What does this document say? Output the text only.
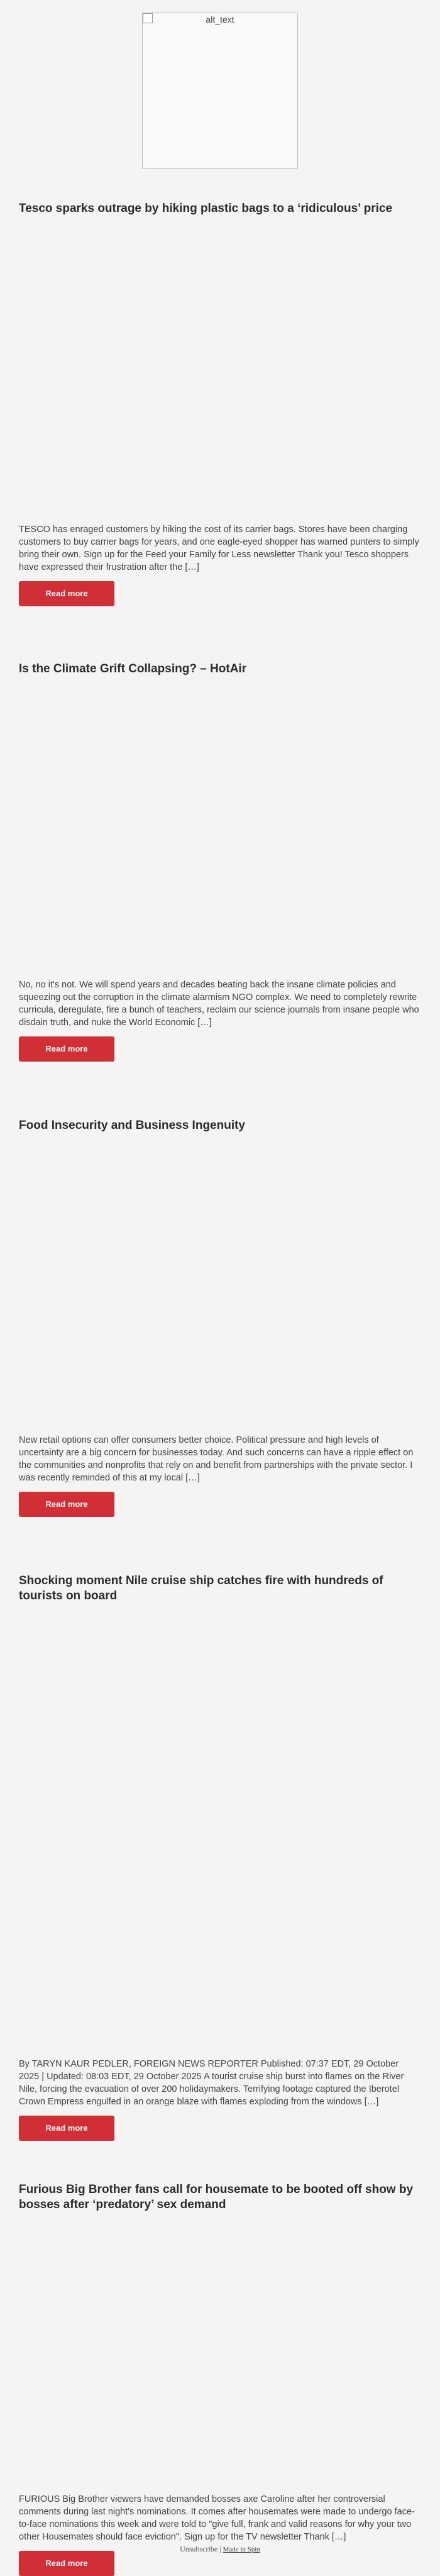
alt_text
Tesco sparks outrage by hiking plastic bags to a ‘ridiculous’ price

TESCO has enraged customers by hiking the cost of its carrier bags. Stores have been charging customers to buy carrier bags for years, and one eagle-eyed shopper has warned punters to simply bring their own. Sign up for the Feed your Family for Less newsletter Thank you! Tesco shoppers have expressed their frustration after the […]

Read more
Is the Climate Grift Collapsing? – HotAir

No, no it's not. We will spend years and decades beating back the insane climate policies and squeezing out the corruption in the climate alarmism NGO complex. We need to completely rewrite curricula, deregulate, fire a bunch of teachers, reclaim our science journals from insane people who disdain truth, and nuke the World Economic […]

Read more
Food Insecurity and Business Ingenuity

New retail options can offer consumers better choice. Political pressure and high levels of uncertainty are a big concern for businesses today. And such concerns can have a ripple effect on the communities and nonprofits that rely on and benefit from partnerships with the private sector. I was recently reminded of this at my local […]

Read more
Shocking moment Nile cruise ship catches fire with hundreds of tourists on board

By TARYN KAUR PEDLER, FOREIGN NEWS REPORTER Published: 07:37 EDT, 29 October 2025 | Updated: 08:03 EDT, 29 October 2025 A tourist cruise ship burst into flames on the River Nile, forcing the evacuation of over 200 holidaymakers. Terrifying footage captured the Iberotel Crown Empress engulfed in an orange blaze with flames exploding from the windows […]

Read more
Furious Big Brother fans call for housemate to be booted off show by bosses after ‘predatory’ sex demand

FURIOUS Big Brother viewers have demanded bosses axe Caroline after her controversial comments during last night's nominations. It comes after housemates were made to undergo face-to-face nominations this week and were told to "give full, frank and valid reasons for why your two other Housemates should face eviction". Sign up for the TV newsletter Thank […]

Read more
Unsubscribe | Made in Spin
